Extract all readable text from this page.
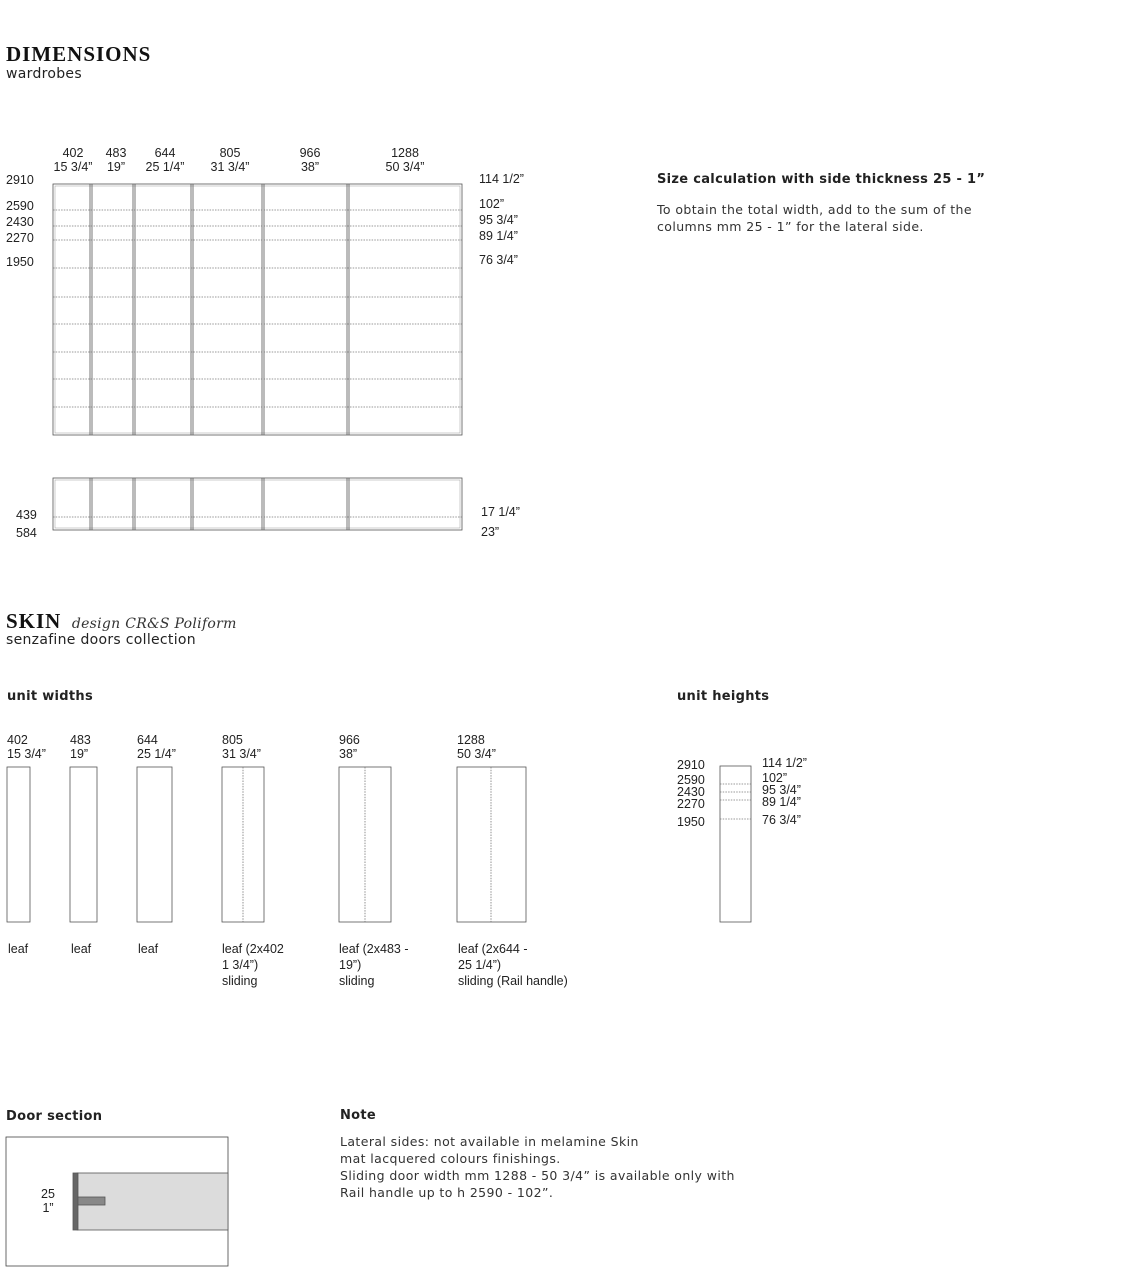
DIMENSIONS
wardrobes
402
15 3/4”
483
19”
644
25 1/4”
805
31 3/4”
966
38”
1288
50 3/4”
2910
2590
2430
2270
1950
114 1/2”
102”
95 3/4”
89 1/4”
76 3/4”
439
584
17 1/4”
23”
Size calculation with side thickness 25 - 1”
To obtain the total width, add to the sum of the
columns mm 25 - 1” for the lateral side.
SKIN design CR&S Poliform
senzafine doors collection
unit widths	unit heights
402
15 3/4”
483
19”
644
25 1/4”
805
31 3/4”
966
38”
1288
50 3/4”
leaf	leaf	leaf	leaf (2x402
1 3/4”)
sliding
leaf (2x483 -
19”)
sliding
leaf (2x644 -
25 1/4”)
sliding (Rail handle)
2910
2590
2430
2270
1950
114 1/2”
102”
95 3/4”
89 1/4”
76 3/4”
Door section
25
1”
Note
Lateral sides: not available in melamine Skin
mat lacquered colours finishings.
Sliding door width mm 1288 - 50 3/4” is available only with
Rail handle up to h 2590 - 102”.
